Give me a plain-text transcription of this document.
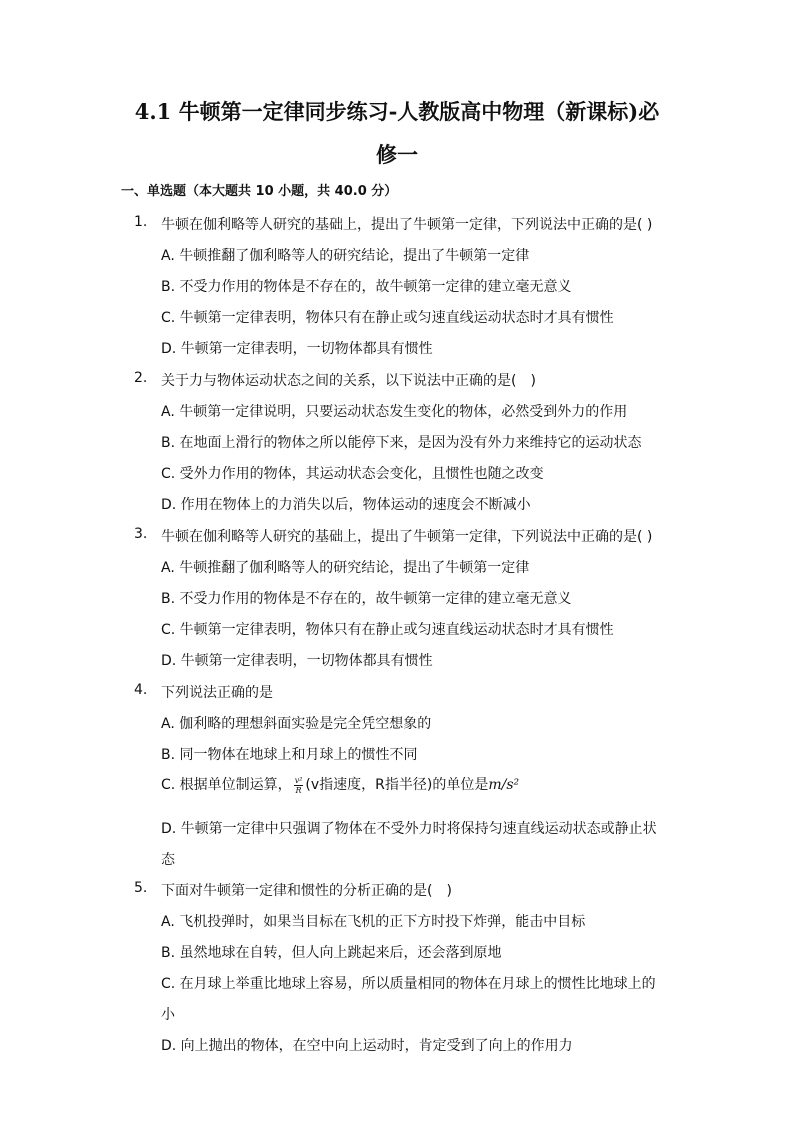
4.1 牛顿第一定律同步练习-人教版高中物理（新课标)必
修一
一、单选题（本大题共 10 小题，共 40.0 分）
1. 牛顿在伽利略等人研究的基础上，提出了牛顿第一定律，下列说法中正确的是( )
A. 牛顿推翻了伽利略等人的研究结论，提出了牛顿第一定律
B. 不受力作用的物体是不存在的，故牛顿第一定律的建立毫无意义
C. 牛顿第一定律表明，物体只有在静止或匀速直线运动状态时才具有惯性
D. 牛顿第一定律表明，一切物体都具有惯性
2. 关于力与物体运动状态之间的关系，以下说法中正确的是(　)
A. 牛顿第一定律说明，只要运动状态发生变化的物体，必然受到外力的作用
B. 在地面上滑行的物体之所以能停下来，是因为没有外力来维持它的运动状态
C. 受外力作用的物体，其运动状态会变化，且惯性也随之改变
D. 作用在物体上的力消失以后，物体运动的速度会不断减小
3. 牛顿在伽利略等人研究的基础上，提出了牛顿第一定律，下列说法中正确的是( )
A. 牛顿推翻了伽利略等人的研究结论，提出了牛顿第一定律
B. 不受力作用的物体是不存在的，故牛顿第一定律的建立毫无意义
C. 牛顿第一定律表明，物体只有在静止或匀速直线运动状态时才具有惯性
D. 牛顿第一定律表明，一切物体都具有惯性
4. 下列说法正确的是
A. 伽利略的理想斜面实验是完全凭空想象的
B. 同一物体在地球上和月球上的惯性不同
C. 根据单位制运算， $\frac{\text{v²}}{R} (v$指速度，R指半径)的单位是m/s²
D. 牛顿第一定律中只强调了物体在不受外力时将保持匀速直线运动状态或静止状
态
5. 下面对牛顿第一定律和惯性的分析正确的是(　)
A. 飞机投弹时，如果当目标在飞机的正下方时投下炸弹，能击中目标
B. 虽然地球在自转，但人向上跳起来后，还会落到原地
C. 在月球上举重比地球上容易，所以质量相同的物体在月球上的惯性比地球上的
小
D. 向上抛出的物体，在空中向上运动时，肯定受到了向上的作用力
